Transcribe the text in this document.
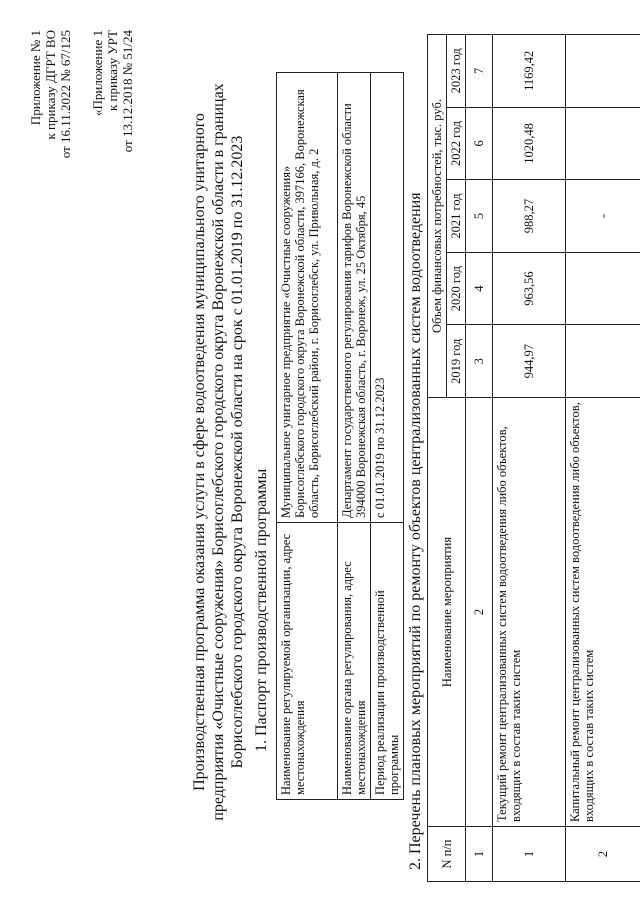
Приложение № 1 к приказу ДГРТ ВО от 16.11.2022 № 67/125 «Приложение 1 к приказу УРТ от 13.12.2018 № 51/24
Производственная программа оказания услуги в сфере водоотведения муниципального унитарного предприятия «Очистные сооружения» Борисоглебского городского округа Воронежской области в границах Борисоглебского городского округа Воронежской области на срок с 01.01.2019 по 31.12.2023 1. Паспорт производственной программы Наименование регулируемой организации, адрес местонахождения	Муниципальное унитарное предприятие «Очистные сооружения» Борисоглебского городского округа Воронежской области, 397166, Воронежская область, Борисоглебский район, г. Борисоглебск, ул. Привольная, д. 2
Наименование органа регулирования, адрес местонахождения	Департамент государственного регулирования тарифов Воронежской области 394000 Воронежская область, г. Воронеж, ул. 25 Октября, 45
Период реализации производственной программы	с 01.01.2019 по 31.12.2023 2. Перечень плановых мероприятий по ремонту объектов централизованных систем водоотведения N п/п	Наименование мероприятия	Объем финансовых потребностей, тыс. руб.				
		2019 год	2020 год	2021 год	2022 год	2023 год
1	2	3	4	5	6	7
1	Текущий ремонт централизованных систем водоотведения либо объектов, входящих в состав таких систем	944,97	963,56	988,27	1020,48	1169,42
2	Капитальный ремонт централизованных систем водоотведения либо объектов, входящих в состав таких систем			-		
